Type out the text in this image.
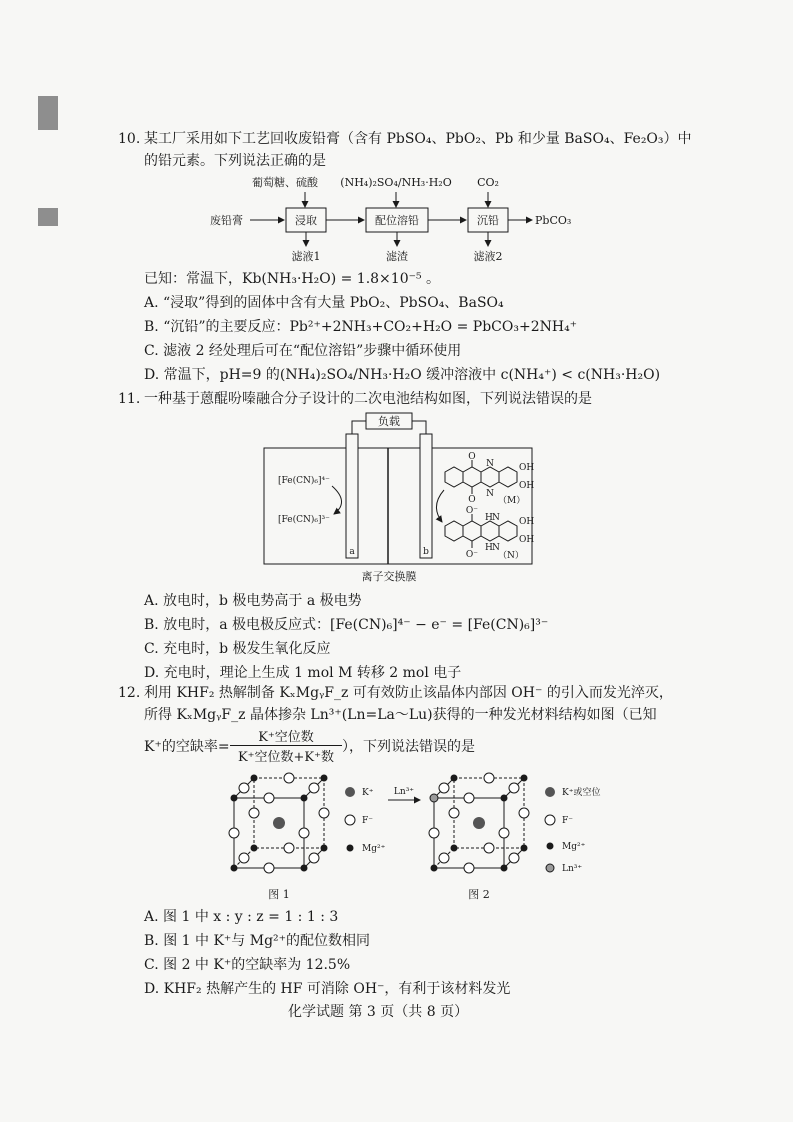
10. 某工厂采用如下工艺回收废铅膏（含有 PbSO₄、PbO₂、Pb 和少量 BaSO₄、Fe₂O₃）中
的铅元素。下列说法正确的是
葡萄糖、硫酸 (NH₄)₂SO₄/NH₃·H₂O CO₂
废铅膏	浸取	配位溶铅	沉铅	PbCO₃
滤液1	滤渣	滤液2
已知：常温下，Kb(NH₃·H₂O) = 1.8×10⁻⁵ 。
A. “浸取”得到的固体中含有大量 PbO₂、PbSO₄、BaSO₄
B. “沉铅”的主要反应：Pb²⁺+2NH₃+CO₂+H₂O = PbCO₃+2NH₄⁺
C. 滤液 2 经处理后可在“配位溶铅”步骤中循环使用
D. 常温下，pH=9 的(NH₄)₂SO₄/NH₃·H₂O 缓冲溶液中 c(NH₄⁺) < c(NH₃·H₂O)
11. 一种基于蒽醌吩嗪融合分子设计的二次电池结构如图，下列说法错误的是
负载
a	b
[Fe(CN)₆]⁴⁻
[Fe(CN)₆]³⁻
O
O
N
N
OH
OH
（M）
O⁻
O⁻
H N
H N
OH
OH
（N）
离子交换膜
A. 放电时，b 极电势高于 a 极电势
B. 放电时，a 极电极反应式：[Fe(CN)₆]⁴⁻ − e⁻ = [Fe(CN)₆]³⁻
C. 充电时，b 极发生氧化反应
D. 充电时，理论上生成 1 mol M 转移 2 mol 电子
12. 利用 KHF₂ 热解制备 KₓMgᵧF_z 可有效防止该晶体内部因 OH⁻ 的引入而发光淬灭，
所得 KₓMgᵧF_z 晶体掺杂 Ln³⁺(Ln=La～Lu)获得的一种发光材料结构如图（已知
K⁺的空缺率=
K⁺空位数
K⁺空位数+K⁺数
），下列说法错误的是
K⁺
F⁻
Mg²⁺
图 1
Ln³⁺	K⁺或空位
F⁻
Mg²⁺
Ln³⁺
图 2
A. 图 1 中 x : y : z = 1 : 1 : 3
B. 图 1 中 K⁺与 Mg²⁺的配位数相同
C. 图 2 中 K⁺的空缺率为 12.5%
D. KHF₂ 热解产生的 HF 可消除 OH⁻，有利于该材料发光
化学试题 第 3 页（共 8 页）
